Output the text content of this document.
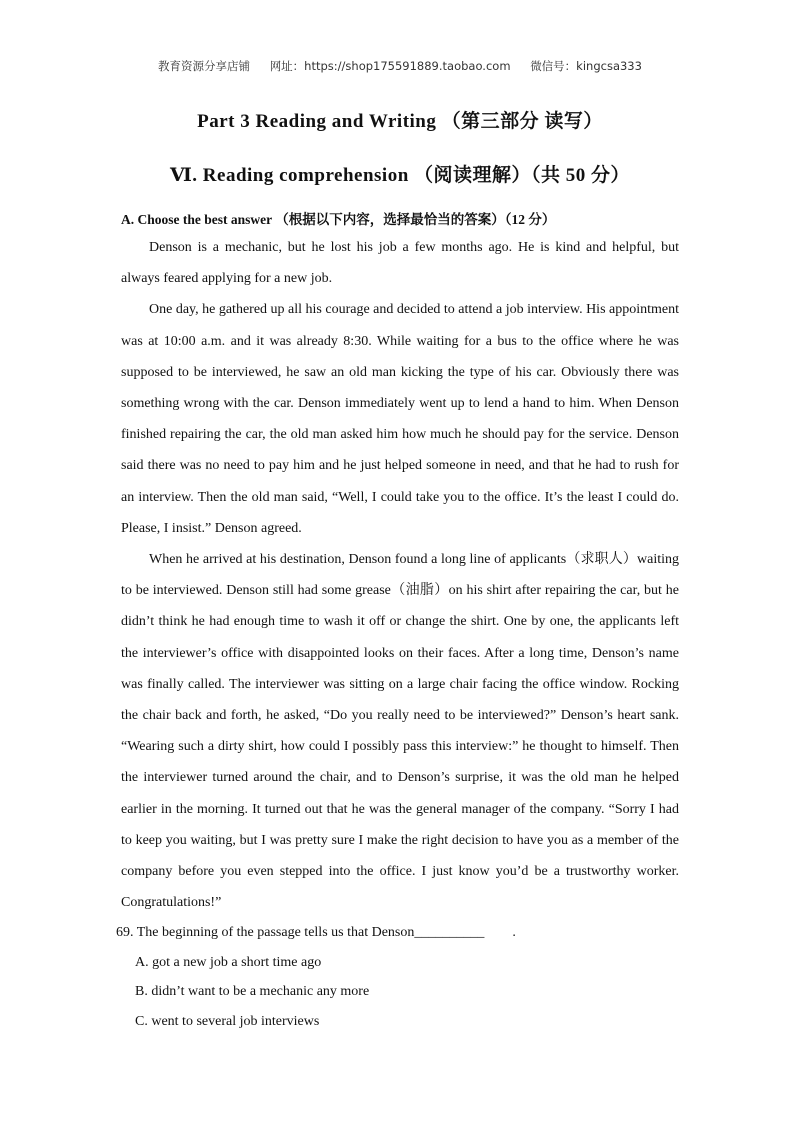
教育资源分享店铺 网址：https://shop175591889.taobao.com 微信号：kingcsa333
Part 3 Reading and Writing （第三部分 读写）
Ⅵ. Reading comprehension （阅读理解）（共 50 分）
A. Choose the best answer （根据以下内容，选择最恰当的答案）（12 分）

Denson is a mechanic, but he lost his job a few months ago. He is kind and helpful, but always feared applying for a new job.

One day, he gathered up all his courage and decided to attend a job interview. His appointment was at 10:00 a.m. and it was already 8:30. While waiting for a bus to the office where he was supposed to be interviewed, he saw an old man kicking the type of his car. Obviously there was something wrong with the car. Denson immediately went up to lend a hand to him. When Denson finished repairing the car, the old man asked him how much he should pay for the service. Denson said there was no need to pay him and he just helped someone in need, and that he had to rush for an interview. Then the old man said, “Well, I could take you to the office. It’s the least I could do. Please, I insist.” Denson agreed.

When he arrived at his destination, Denson found a long line of applicants（求职人）waiting to be interviewed. Denson still had some grease（油脂）on his shirt after repairing the car, but he didn’t think he had enough time to wash it off or change the shirt. One by one, the applicants left the interviewer’s office with disappointed looks on their faces. After a long time, Denson’s name was finally called. The interviewer was sitting on a large chair facing the office window. Rocking the chair back and forth, he asked, “Do you really need to be interviewed?” Denson’s heart sank. “Wearing such a dirty shirt, how could I possibly pass this interview:” he thought to himself. Then the interviewer turned around the chair, and to Denson’s surprise, it was the old man he helped earlier in the morning. It turned out that he was the general manager of the company. “Sorry I had to keep you waiting, but I was pretty sure I make the right decision to have you as a member of the company before you even stepped into the office. I just know you’d be a trustworthy worker. Congratulations!”

69. The beginning of the passage tells us that Denson__________　　.

A. got a new job a short time ago

B. didn’t want to be a mechanic any more

C. went to several job interviews
